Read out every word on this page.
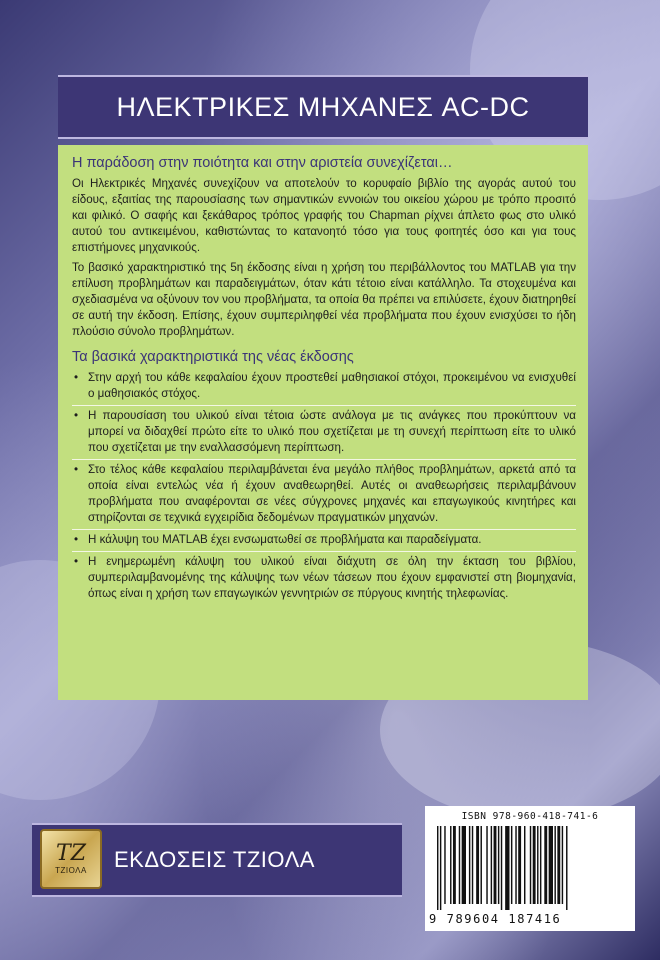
ΗΛΕΚΤΡΙΚΕΣ ΜΗΧΑΝΕΣ AC-DC
Η παράδοση στην ποιότητα και στην αριστεία συνεχίζεται…

Οι Ηλεκτρικές Μηχανές συνεχίζουν να αποτελούν το κορυφαίο βιβλίο της αγοράς αυτού του είδους, εξαιτίας της παρουσίασης των σημαντικών εννοιών του οικείου χώρου με τρόπο προσιτό και φιλικό. Ο σαφής και ξεκάθαρος τρόπος γραφής του Chapman ρίχνει άπλετο φως στο υλικό αυτού του αντικειμένου, καθιστώντας το κατανοητό τόσο για τους φοιτητές όσο και για τους επιστήμονες μηχανικούς.

Το βασικό χαρακτηριστικό της 5η έκδοσης είναι η χρήση του περιβάλλοντος του MATLAB για την επίλυση προβλημάτων και παραδειγμάτων, όταν κάτι τέτοιο είναι κατάλληλο. Τα στοχευμένα και σχεδιασμένα να οξύνουν τον νου προβλήματα, τα οποία θα πρέπει να επιλύσετε, έχουν διατηρηθεί σε αυτή την έκδοση. Επίσης, έχουν συμπεριληφθεί νέα προβλήματα που έχουν ενισχύσει το ήδη πλούσιο σύνολο προβλημάτων.

Τα βασικά χαρακτηριστικά της νέας έκδοσης
• Στην αρχή του κάθε κεφαλαίου έχουν προστεθεί μαθησιακοί στόχοι, προκειμένου να ενισχυθεί ο μαθησιακός στόχος.
• Η παρουσίαση του υλικού είναι τέτοια ώστε ανάλογα με τις ανάγκες που προκύπτουν να μπορεί να διδαχθεί πρώτο είτε το υλικό που σχετίζεται με τη συνεχή περίπτωση είτε το υλικό που σχετίζεται με την εναλλασσόμενη περίπτωση.
• Στο τέλος κάθε κεφαλαίου περιλαμβάνεται ένα μεγάλο πλήθος προβλημάτων, αρκετά από τα οποία είναι εντελώς νέα ή έχουν αναθεωρηθεί. Αυτές οι αναθεωρήσεις περιλαμβάνουν προβλήματα που αναφέρονται σε νέες σύγχρονες μηχανές και επαγωγικούς κινητήρες και στηρίζονται σε τεχνικά εγχειρίδια δεδομένων πραγματικών μηχανών.
• Η κάλυψη του MATLAB έχει ενσωματωθεί σε προβλήματα και παραδείγματα.
• Η ενημερωμένη κάλυψη του υλικού είναι διάχυτη σε όλη την έκταση του βιβλίου, συμπεριλαμβανομένης της κάλυψης των νέων τάσεων που έχουν εμφανιστεί στη βιομηχανία, όπως είναι η χρήση των επαγωγικών γεννητριών σε πύργους κινητής τηλεφωνίας.
ΤΖ
ΤΖΙΟΛΑ ΕΚΔΟΣΕΙΣ ΤΖΙΟΛΑ
ISBN 978-960-418-741-6
9 789604 187416
